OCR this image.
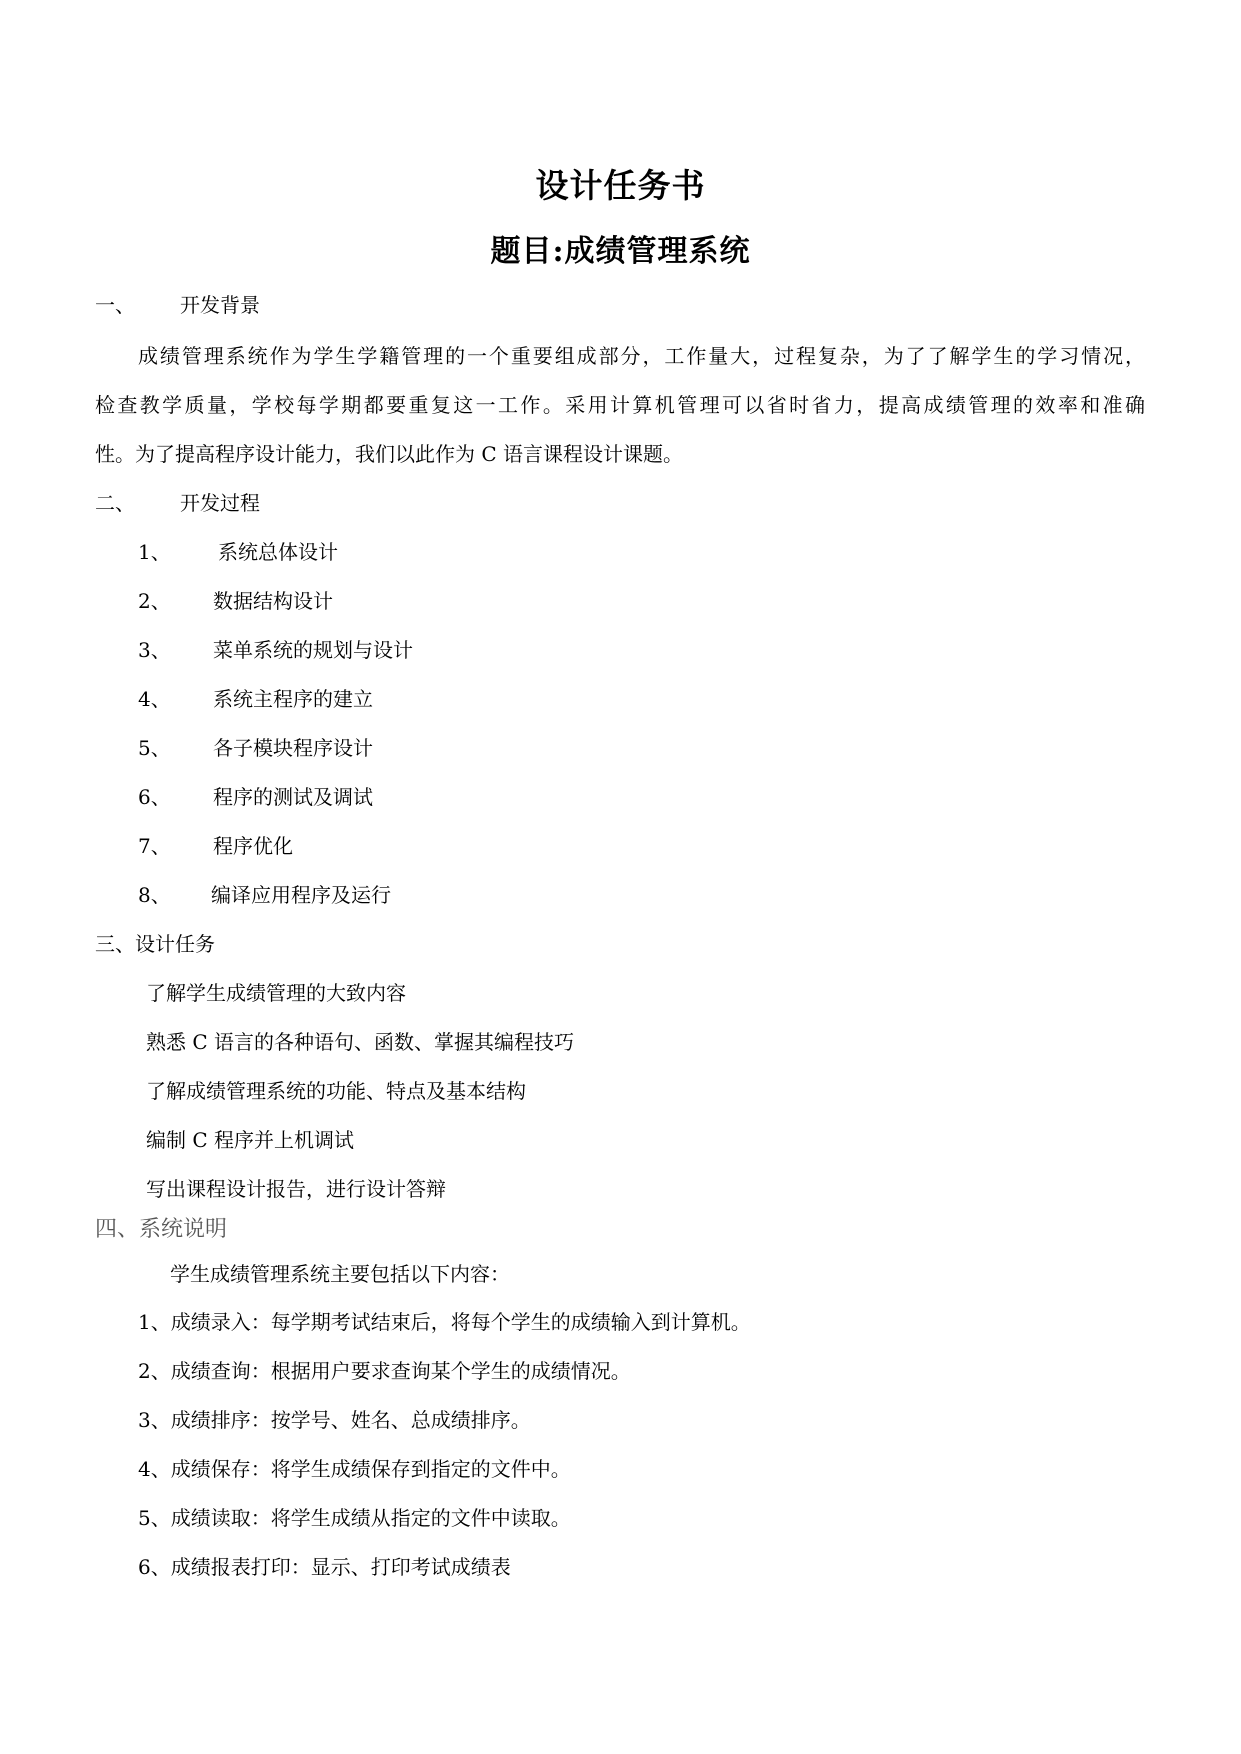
设计任务书
题目:成绩管理系统
一、 开发背景
成绩管理系统作为学生学籍管理的一个重要组成部分，工作量大，过程复杂，为了了解学生的学习情况，
检查教学质量，学校每学期都要重复这一工作。采用计算机管理可以省时省力，提高成绩管理的效率和准确
性。为了提高程序设计能力，我们以此作为 C 语言课程设计课题。
二、 开发过程
1、 系统总体设计
2、 数据结构设计
3、 菜单系统的规划与设计
4、 系统主程序的建立
5、 各子模块程序设计
6、 程序的测试及调试
7、 程序优化
8、 编译应用程序及运行
三、设计任务
了解学生成绩管理的大致内容
熟悉 C 语言的各种语句、函数、掌握其编程技巧
了解成绩管理系统的功能、特点及基本结构
编制 C 程序并上机调试
写出课程设计报告，进行设计答辩
四、系统说明
学生成绩管理系统主要包括以下内容：
1、成绩录入：每学期考试结束后，将每个学生的成绩输入到计算机。
2、成绩查询：根据用户要求查询某个学生的成绩情况。
3、成绩排序：按学号、姓名、总成绩排序。
4、成绩保存：将学生成绩保存到指定的文件中。
5、成绩读取：将学生成绩从指定的文件中读取。
6、成绩报表打印：显示、打印考试成绩表
